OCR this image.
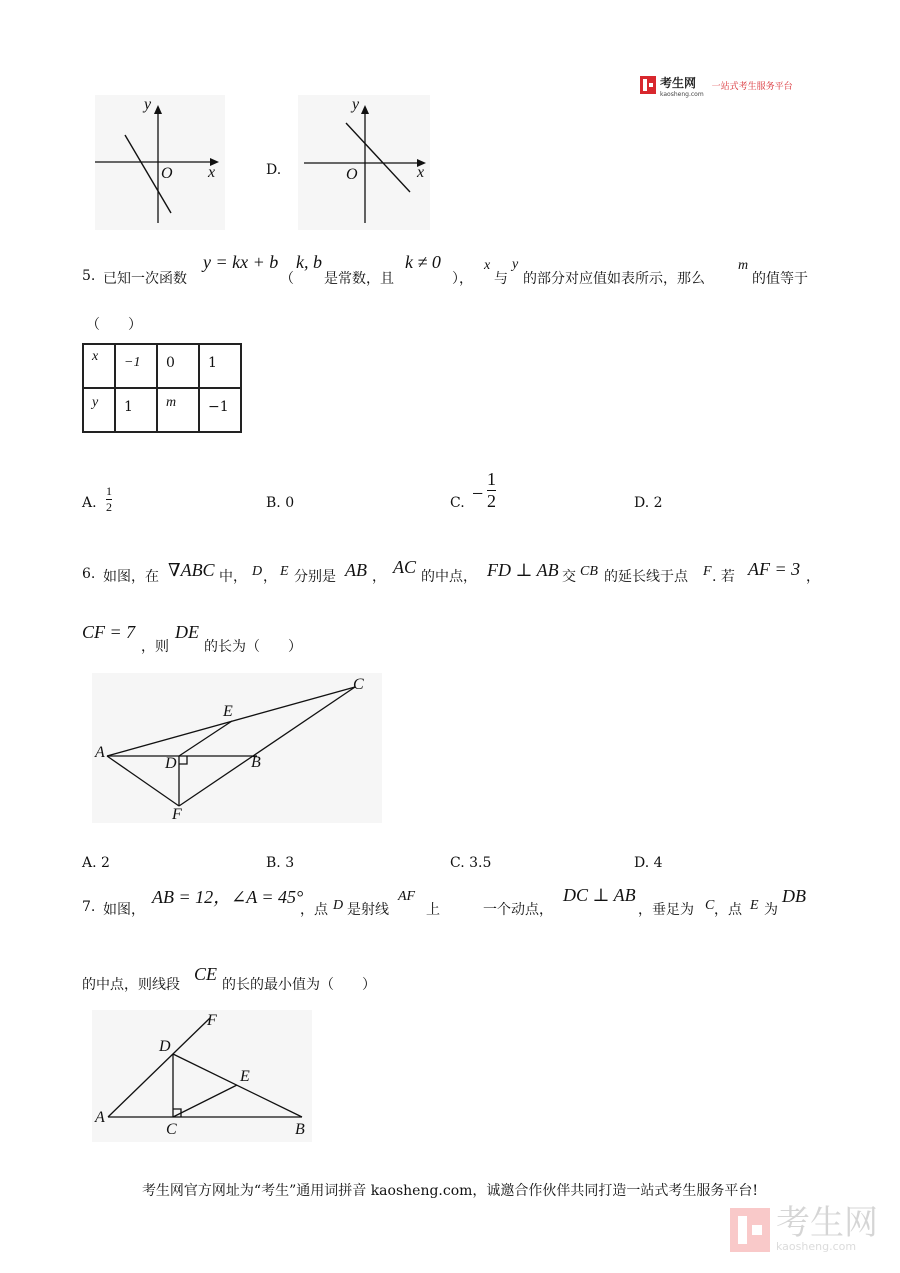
考生网
kaosheng.com
一站式考生服务平台
y
x
O	D.
y
x
O
5. 已知一次函数
y = kx + b
（
k, b
是常数，且
k ≠ 0
），
x
与
y
的部分对应值如表所示，那么
m
的值等于
（　　）
x	−1	0	1

y	1	m	−1
A.
1
2	B. 0	C. −
1
2	D. 2
6. 如图，在 ∇ABC 中， D ， E 分别是 AB ， AC 的中点， FD ⊥ AB 交 CB 的延长线于点 F . 若 AF = 3 ，
CF = 7
，则
DE
的长为（　　）
A
B
C
D
E
F
A. 2	B. 3	C. 3.5	D. 4
7. 如图，
AB = 12，∠A = 45°
，点 D 是射线
AF
上	一个动点，
DC ⊥ AB
，垂足为 C ，点 E 为
DB
的中点，则线段
CE
的长的最小值为（　　）
F
D
E
A
C	B
考生网官方网址为“考生”通用词拼音 kaosheng.com，诚邀合作伙伴共同打造一站式考生服务平台!
考生网
kaosheng.com
